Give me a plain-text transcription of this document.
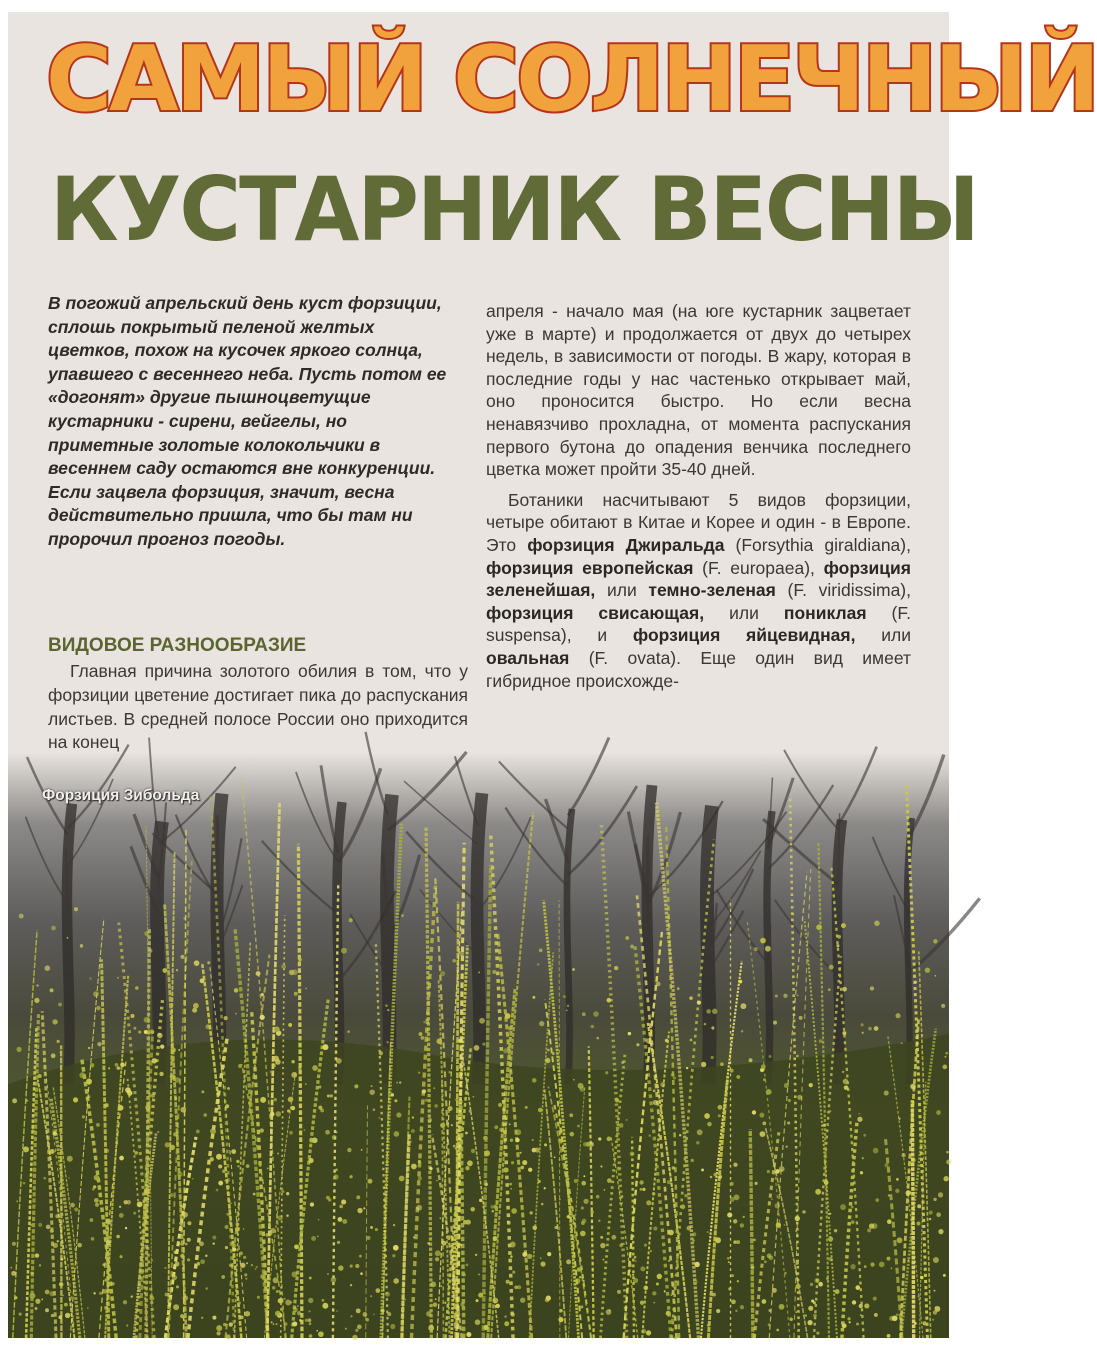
САМЫЙ СОЛНЕЧНЫЙ
КУСТАРНИК ВЕСНЫ

В погожий апрельский день куст форзиции, сплошь покрытый пеленой желтых цветков, похож на кусочек яркого солнца, упавшего с весеннего неба. Пусть потом ее «догонят» другие пышноцветущие кустарники - сирени, вейгелы, но приметные золотые колокольчики в весеннем саду остаются вне конкуренции. Если зацвела форзиция, значит, весна действительно пришла, что бы там ни пророчил прогноз погоды.

ВИДОВОЕ РАЗНООБРАЗИЕ

Главная причина золотого обилия в том, что у форзиции цветение достигает пика до распускания листьев. В средней полосе России оно приходится на конец

апреля - начало мая (на юге кустарник зацветает уже в марте) и продолжается от двух до четырех недель, в зависимости от погоды. В жару, которая в последние годы у нас частенько открывает май, оно проносится быстро. Но если весна ненавязчиво прохладна, от момента распускания первого бутона до опадения венчика последнего цветка может пройти 35-40 дней.

Ботаники насчитывают 5 видов форзиции, четыре обитают в Китае и Корее и один - в Европе. Это форзиция Джиральда (Forsythia giraldiana), форзиция европейская (F. europaea), форзиция зеленейшая, или темно-зеленая (F. viridissima), форзиция свисающая, или пониклая (F. suspensa), и форзиция яйцевидная, или овальная (F. ovata). Еще один вид имеет гибридное происхожде-

Форзиция Зибольда
